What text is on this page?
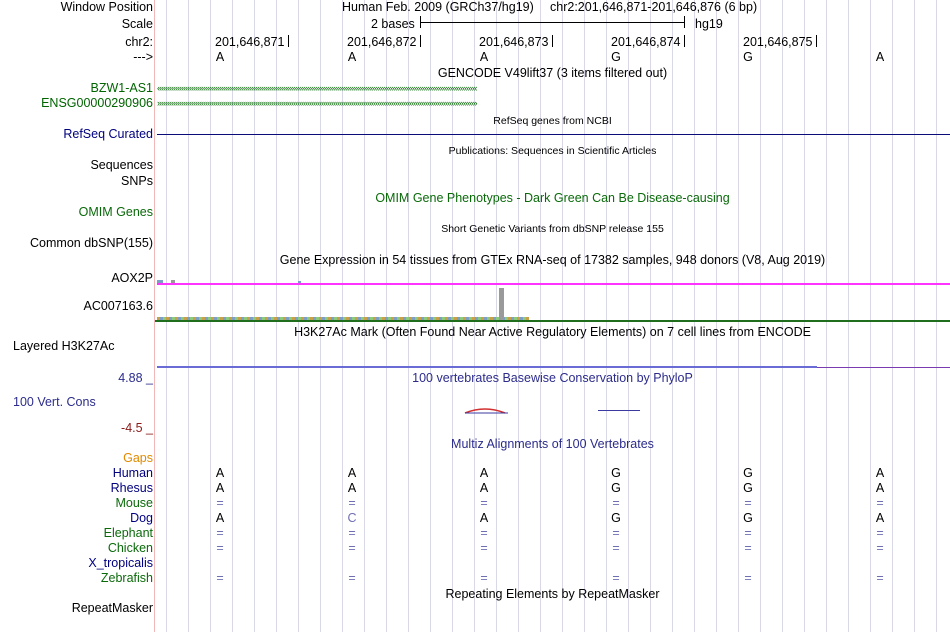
Window Position
Scale
chr2:
--->
Human Feb. 2009 (GRCh37/hg19) chr2:201,646,871-201,646,876 (6 bp)
2 bases	hg19
201,646,871	201,646,872	201,646,873	201,646,874	201,646,875
A	A	A	G	G	A
GENCODE V49lift37 (3 items filtered out)
BZW1-AS1 ‹‹‹‹‹‹‹‹‹‹‹‹‹‹‹‹‹‹‹‹‹‹‹‹‹‹‹‹‹‹‹‹‹‹‹‹‹‹‹‹‹‹‹‹‹‹‹‹‹‹‹‹‹‹‹‹‹‹‹‹‹‹‹‹‹‹‹‹‹‹‹‹‹‹‹‹‹‹‹‹‹‹‹‹‹‹‹‹‹‹‹‹‹‹‹‹‹‹‹‹‹‹‹‹‹‹‹‹‹‹‹‹‹‹‹‹‹‹‹‹‹‹‹‹‹‹‹‹‹‹‹‹‹‹‹‹‹‹‹‹‹‹‹‹‹‹‹‹‹‹‹‹‹‹‹‹‹‹‹‹
ENSG00000290906 ››››››››››››››››››››››››››››››››››››››››››››››››››››››››››››››››››››››››››››››››››››››››››››››››››››››››››››››››››››››››››››››››››››››››››››››››››››››››››››››››
RefSeq genes from NCBI
RefSeq Curated
Publications: Sequences in Scientific Articles
Sequences
SNPs
OMIM Gene Phenotypes - Dark Green Can Be Disease-causing
OMIM Genes
Short Genetic Variants from dbSNP release 155
Common dbSNP(155)
Gene Expression in 54 tissues from GTEx RNA-seq of 17382 samples, 948 donors (V8, Aug 2019)
AOX2P
AC007163.6
H3K27Ac Mark (Often Found Near Active Regulatory Elements) on 7 cell lines from ENCODE
Layered H3K27Ac
100 vertebrates Basewise Conservation by PhyloP
4.88 _
100 Vert. Cons
-4.5 _
Multiz Alignments of 100 Vertebrates
Gaps
Human	A	A	A	G	G	A
Rhesus	A	A	A	G	G	A
Mouse	=	=	=	=	=	=
Dog	A	C	A	G	G	A
Elephant	=	=	=	=	=	=
Chicken	=	=	=	=	=	=
X_tropicalis
Zebrafish	=	=	=	=	=	=
Repeating Elements by RepeatMasker
RepeatMasker
